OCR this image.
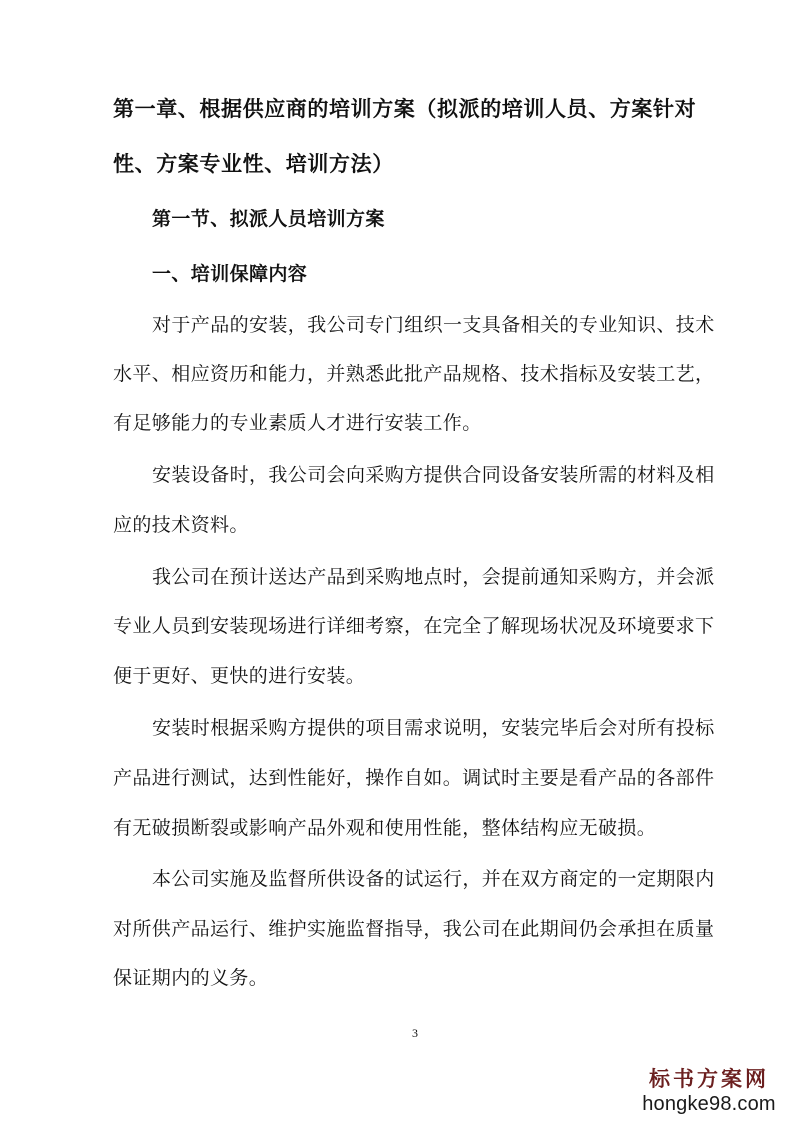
第一章、根据供应商的培训方案（拟派的培训人员、方案针对
性、方案专业性、培训方法）
第一节、拟派人员培训方案
一、培训保障内容
对于产品的安装，我公司专门组织一支具备相关的专业知识、技术
水平、相应资历和能力，并熟悉此批产品规格、技术指标及安装工艺，
有足够能力的专业素质人才进行安装工作。
安装设备时，我公司会向采购方提供合同设备安装所需的材料及相
应的技术资料。
我公司在预计送达产品到采购地点时，会提前通知采购方，并会派
专业人员到安装现场进行详细考察，在完全了解现场状况及环境要求下
便于更好、更快的进行安装。
安装时根据采购方提供的项目需求说明，安装完毕后会对所有投标
产品进行测试，达到性能好，操作自如。调试时主要是看产品的各部件
有无破损断裂或影响产品外观和使用性能，整体结构应无破损。
本公司实施及监督所供设备的试运行，并在双方商定的一定期限内
对所供产品运行、维护实施监督指导，我公司在此期间仍会承担在质量
保证期内的义务。
3
标书方案网
hongke98.com
